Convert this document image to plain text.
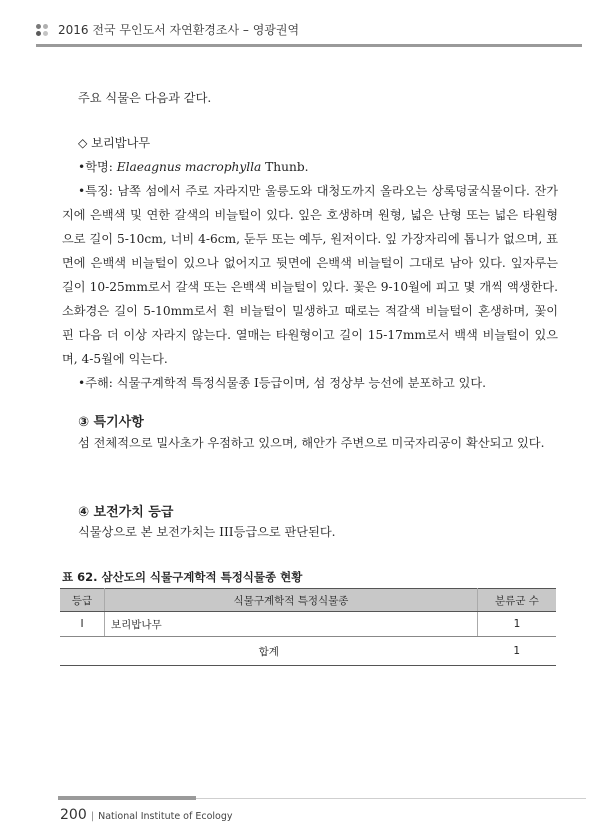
2016 전국 무인도서 자연환경조사 – 영광권역

주요 식물은 다음과 같다.

◇ 보리밥나무

•학명: Elaeagnus macrophylla Thunb.

•특징: 남쪽 섬에서 주로 자라지만 울릉도와 대청도까지 올라오는 상록덩굴식물이다. 잔가지에 은백색 및 연한 갈색의 비늘털이 있다. 잎은 호생하며 원형, 넓은 난형 또는 넓은 타원형으로 길이 5-10cm, 너비 4-6cm, 둔두 또는 예두, 원저이다. 잎 가장자리에 톱니가 없으며, 표면에 은백색 비늘털이 있으나 없어지고 뒷면에 은백색 비늘털이 그대로 남아 있다. 잎자루는 길이 10-25mm로서 갈색 또는 은백색 비늘털이 있다. 꽃은 9-10월에 피고 몇 개씩 액생한다. 소화경은 길이 5-10mm로서 흰 비늘털이 밀생하고 때로는 적갈색 비늘털이 혼생하며, 꽃이 핀 다음 더 이상 자라지 않는다. 열매는 타원형이고 길이 15-17mm로서 백색 비늘털이 있으며, 4-5월에 익는다.

•주해: 식물구계학적 특정식물종 I등급이며, 섬 정상부 능선에 분포하고 있다.

③ 특기사항

섬 전체적으로 밀사초가 우점하고 있으며, 해안가 주변으로 미국자리공이 확산되고 있다.

④ 보전가치 등급

식물상으로 본 보전가치는 III등급으로 판단된다.

표 62. 삼산도의 식물구계학적 특정식물종 현황
등급	식물구계학적 특정식물종	분류군 수
I	보리밥나무	1
합계		1
200 | National Institute of Ecology
